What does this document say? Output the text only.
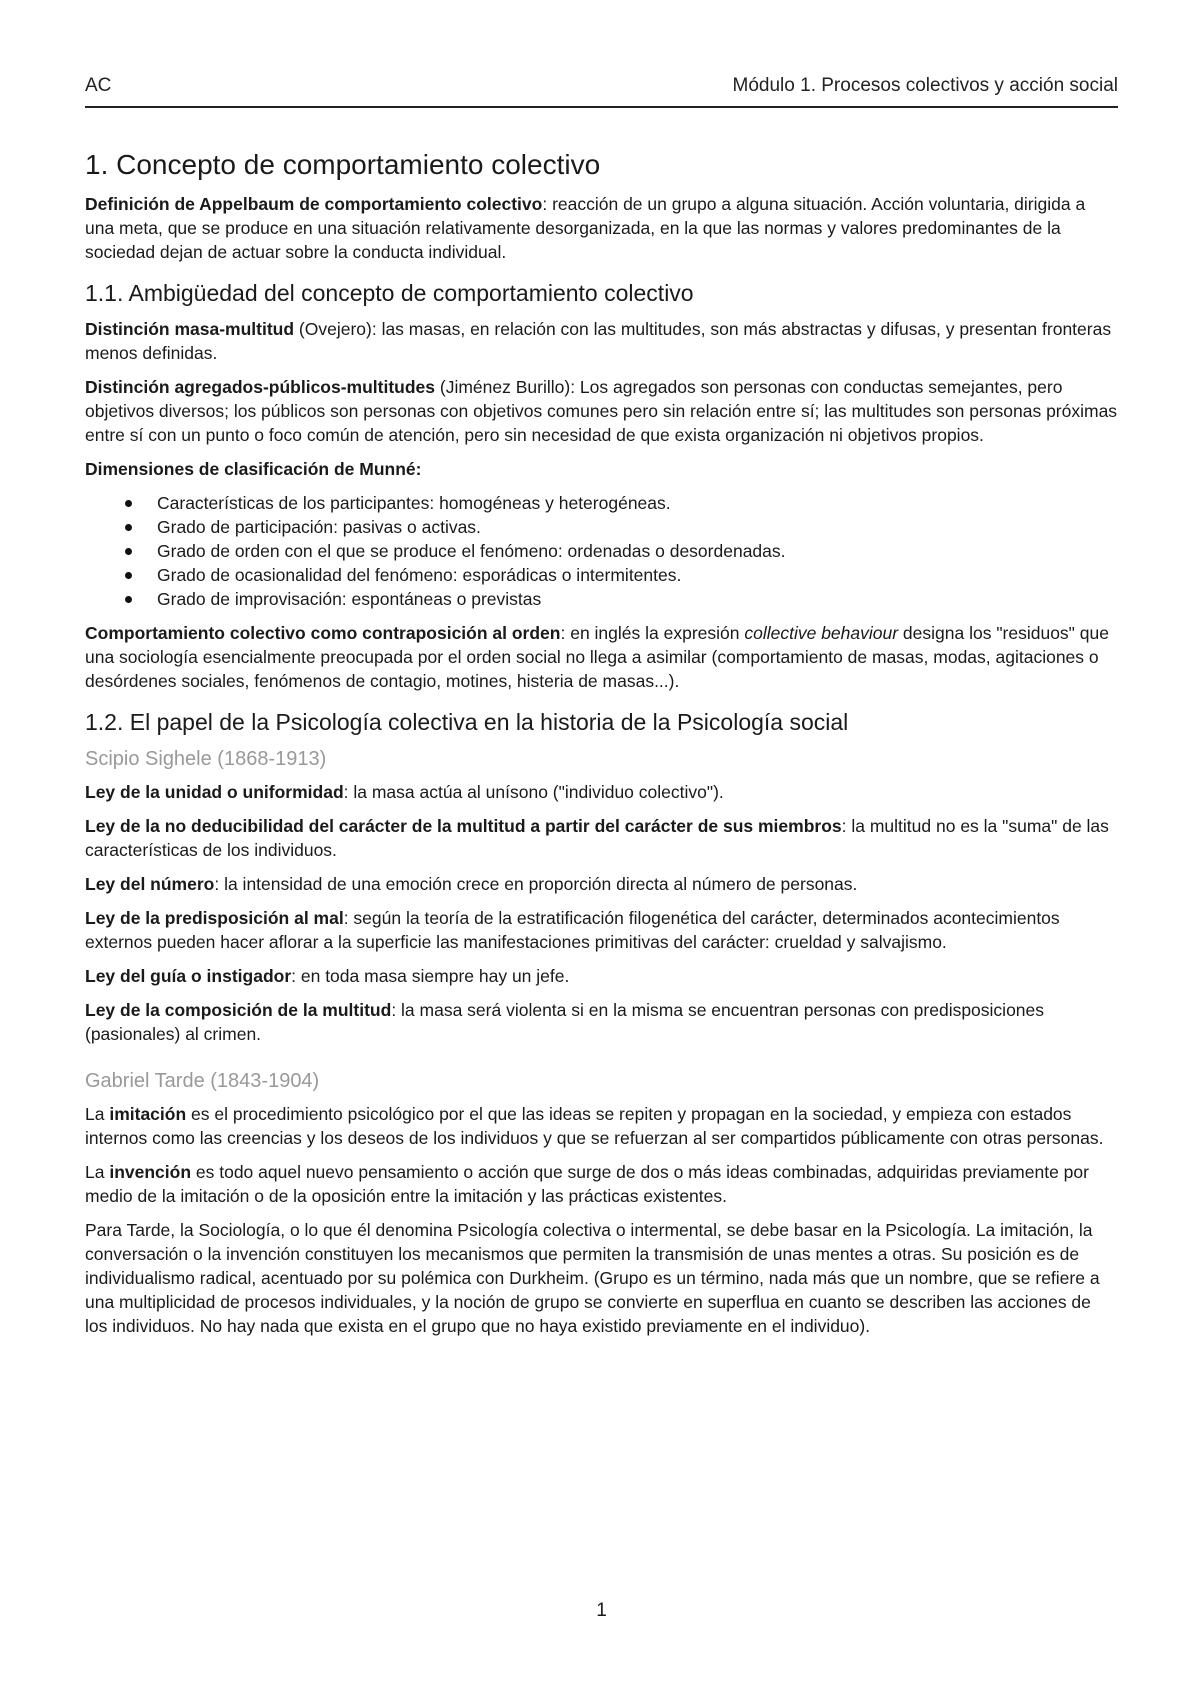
AC	Módulo 1. Procesos colectivos y acción social
1. Concepto de comportamiento colectivo

Definición de Appelbaum de comportamiento colectivo: reacción de un grupo a alguna situación. Acción voluntaria, dirigida a una meta, que se produce en una situación relativamente desorganizada, en la que las normas y valores predominantes de la sociedad dejan de actuar sobre la conducta individual.

1.1. Ambigüedad del concepto de comportamiento colectivo

Distinción masa-multitud (Ovejero): las masas, en relación con las multitudes, son más abstractas y difusas, y presentan fronteras menos definidas.

Distinción agregados-públicos-multitudes (Jiménez Burillo): Los agregados son personas con conductas semejantes, pero objetivos diversos; los públicos son personas con objetivos comunes pero sin relación entre sí; las multitudes son personas próximas entre sí con un punto o foco común de atención, pero sin necesidad de que exista organización ni objetivos propios.

Dimensiones de clasificación de Munné:

Características de los participantes: homogéneas y heterogéneas.
Grado de participación: pasivas o activas.
Grado de orden con el que se produce el fenómeno: ordenadas o desordenadas.
Grado de ocasionalidad del fenómeno: esporádicas o intermitentes.
Grado de improvisación: espontáneas o previstas

Comportamiento colectivo como contraposición al orden: en inglés la expresión collective behaviour designa los "residuos" que una sociología esencialmente preocupada por el orden social no llega a asimilar (comportamiento de masas, modas, agitaciones o desórdenes sociales, fenómenos de contagio, motines, histeria de masas...).

1.2. El papel de la Psicología colectiva en la historia de la Psicología social
Scipio Sighele (1868-1913)

Ley de la unidad o uniformidad: la masa actúa al unísono ("individuo colectivo").

Ley de la no deducibilidad del carácter de la multitud a partir del carácter de sus miembros: la multitud no es la "suma" de las características de los individuos.

Ley del número: la intensidad de una emoción crece en proporción directa al número de personas.

Ley de la predisposición al mal: según la teoría de la estratificación filogenética del carácter, determinados acontecimientos externos pueden hacer aflorar a la superficie las manifestaciones primitivas del carácter: crueldad y salvajismo.

Ley del guía o instigador: en toda masa siempre hay un jefe.

Ley de la composición de la multitud: la masa será violenta si en la misma se encuentran personas con predisposiciones (pasionales) al crimen.

Gabriel Tarde (1843-1904)

La imitación es el procedimiento psicológico por el que las ideas se repiten y propagan en la sociedad, y empieza con estados internos como las creencias y los deseos de los individuos y que se refuerzan al ser compartidos públicamente con otras personas.

La invención es todo aquel nuevo pensamiento o acción que surge de dos o más ideas combinadas, adquiridas previamente por medio de la imitación o de la oposición entre la imitación y las prácticas existentes.

Para Tarde, la Sociología, o lo que él denomina Psicología colectiva o intermental, se debe basar en la Psicología. La imitación, la conversación o la invención constituyen los mecanismos que permiten la transmisión de unas mentes a otras. Su posición es de individualismo radical, acentuado por su polémica con Durkheim. (Grupo es un término, nada más que un nombre, que se refiere a una multiplicidad de procesos individuales, y la noción de grupo se convierte en superflua en cuanto se describen las acciones de los individuos. No hay nada que exista en el grupo que no haya existido previamente en el individuo).

1
